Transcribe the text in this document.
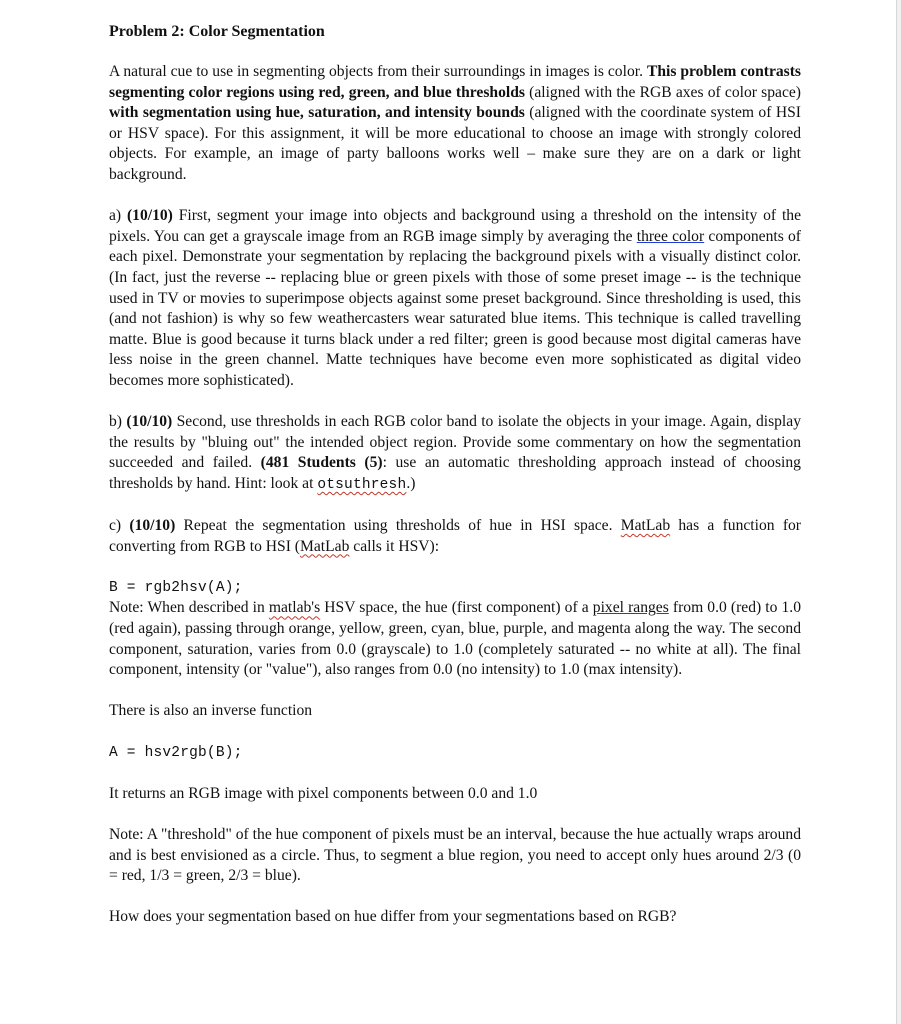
Problem 2: Color Segmentation

A natural cue to use in segmenting objects from their surroundings in images is color. This problem contrasts segmenting color regions using red, green, and blue thresholds (aligned with the RGB axes of color space) with segmentation using hue, saturation, and intensity bounds (aligned with the coordinate system of HSI or HSV space). For this assignment, it will be more educational to choose an image with strongly colored objects. For example, an image of party balloons works well – make sure they are on a dark or light background.

a) (10/10) First, segment your image into objects and background using a threshold on the intensity of the pixels. You can get a grayscale image from an RGB image simply by averaging the three color components of each pixel. Demonstrate your segmentation by replacing the background pixels with a visually distinct color. (In fact, just the reverse -- replacing blue or green pixels with those of some preset image -- is the technique used in TV or movies to superimpose objects against some preset background. Since thresholding is used, this (and not fashion) is why so few weathercasters wear saturated blue items. This technique is called travelling matte. Blue is good because it turns black under a red filter; green is good because most digital cameras have less noise in the green channel. Matte techniques have become even more sophisticated as digital video becomes more sophisticated).

b) (10/10) Second, use thresholds in each RGB color band to isolate the objects in your image. Again, display the results by "bluing out" the intended object region. Provide some commentary on how the segmentation succeeded and failed. (481 Students (5): use an automatic thresholding approach instead of choosing thresholds by hand. Hint: look at otsuthresh.)

c) (10/10) Repeat the segmentation using thresholds of hue in HSI space. MatLab has a function for converting from RGB to HSI (MatLab calls it HSV):

B = rgb2hsv(A);

Note: When described in matlab's HSV space, the hue (first component) of a pixel ranges from 0.0 (red) to 1.0 (red again), passing through orange, yellow, green, cyan, blue, purple, and magenta along the way. The second component, saturation, varies from 0.0 (grayscale) to 1.0 (completely saturated -- no white at all). The final component, intensity (or "value"), also ranges from 0.0 (no intensity) to 1.0 (max intensity).

There is also an inverse function

A = hsv2rgb(B);

It returns an RGB image with pixel components between 0.0 and 1.0

Note: A "threshold" of the hue component of pixels must be an interval, because the hue actually wraps around and is best envisioned as a circle. Thus, to segment a blue region, you need to accept only hues around 2/3 (0 = red, 1/3 = green, 2/3 = blue).

How does your segmentation based on hue differ from your segmentations based on RGB?
